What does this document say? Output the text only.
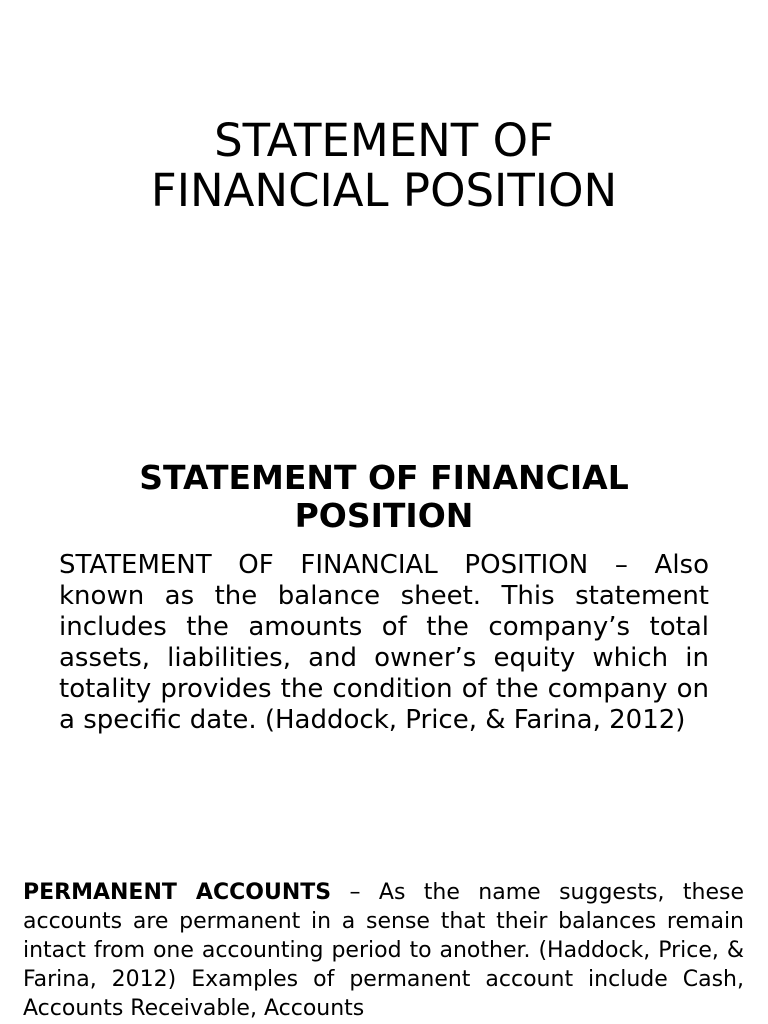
STATEMENT OF
FINANCIAL POSITION
STATEMENT OF FINANCIAL
POSITION

STATEMENT OF FINANCIAL POSITION – Also known as the balance sheet. This statement includes the amounts of the company’s total assets, liabilities, and owner’s equity which in totality provides the condition of the company on a specific date. (Haddock, Price, & Farina, 2012)

PERMANENT ACCOUNTS – As the name suggests, these accounts are permanent in a sense that their balances remain intact from one accounting period to another. (Haddock, Price, & Farina, 2012) Examples of permanent account include Cash, Accounts Receivable, Accounts
